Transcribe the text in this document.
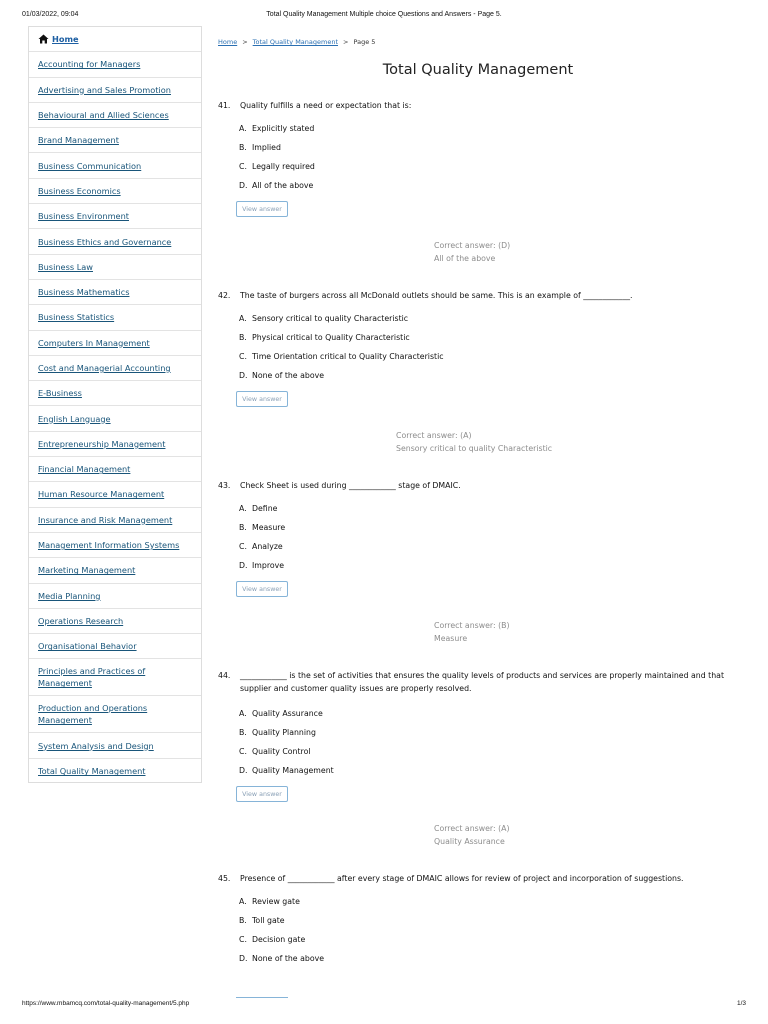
01/03/2022, 09:04	Total Quality Management Multiple choice Questions and Answers - Page 5.
Home
Accounting for Managers
Advertising and Sales Promotion
Behavioural and Allied Sciences
Brand Management
Business Communication
Business Economics
Business Environment
Business Ethics and Governance
Business Law
Business Mathematics
Business Statistics
Computers In Management
Cost and Managerial Accounting
E-Business
English Language
Entrepreneurship Management
Financial Management
Human Resource Management
Insurance and Risk Management
Management Information Systems
Marketing Management
Media Planning
Operations Research
Organisational Behavior
Principles and Practices of Management
Production and Operations Management
System Analysis and Design
Total Quality Management
Home > Total Quality Management > Page 5
Total Quality Management
41.	Quality fulfills a need or expectation that is:
A. Explicitly stated
B. Implied
C. Legally required
D. All of the above
View answer
Correct answer: (D)
All of the above
42.	The taste of burgers across all McDonald outlets should be same. This is an example of ____________.
A. Sensory critical to quality Characteristic
B. Physical critical to Quality Characteristic
C. Time Orientation critical to Quality Characteristic
D. None of the above
View answer
Correct answer: (A)
Sensory critical to quality Characteristic
43.	Check Sheet is used during ____________ stage of DMAIC.
A. Define
B. Measure
C. Analyze
D. Improve
View answer
Correct answer: (B)
Measure
44.	____________ is the set of activities that ensures the quality levels of products and services are properly maintained and that supplier and customer quality issues are properly resolved.
A. Quality Assurance
B. Quality Planning
C. Quality Control
D. Quality Management
View answer
Correct answer: (A)
Quality Assurance
45.	Presence of ____________ after every stage of DMAIC allows for review of project and incorporation of suggestions.
A. Review gate
B. Toll gate
C. Decision gate
D. None of the above
https://www.mbamcq.com/total-quality-management/5.php	1/3
